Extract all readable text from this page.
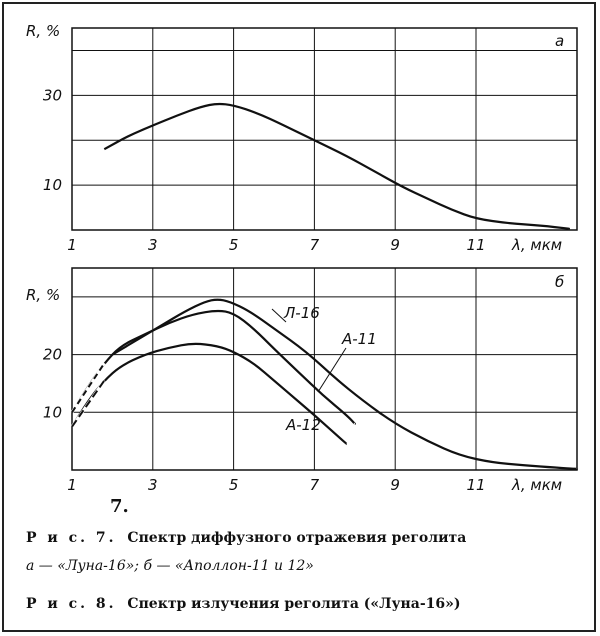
1	3	5	7	9	11
10
30
R, %
а
λ, мкм
1	3	5	7	9	11
10
20
R, %
б
λ, мкм
Л-16
А-11
А-12
7.
Р и с. 7. Спектр диффузного отражевия реголита
а — «Луна-16»; б — «Аполлон-11 и 12»
Р и с. 8. Спектр излучения реголита («Луна-16»)
